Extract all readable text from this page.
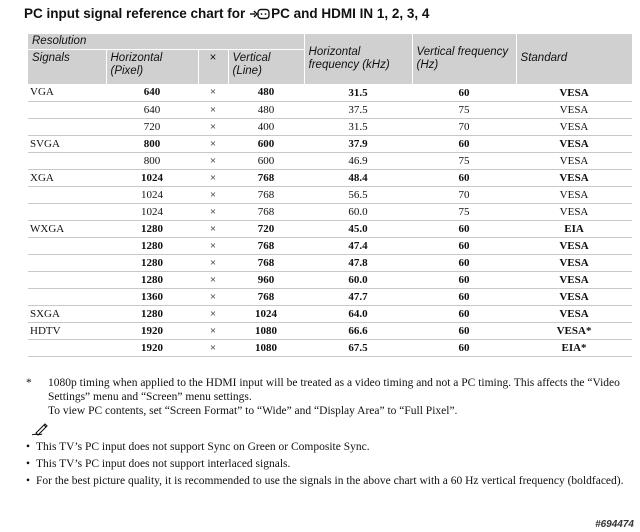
PC input signal reference chart for PC and HDMI IN 1, 2, 3, 4
Resolution				Horizontal frequency (kHz)	Vertical frequency (Hz)	Standard
Signals	Horizontal (Pixel)	×	Vertical (Line)			
VGA	640	×	480	31.5	60	VESA
	640	×	480	37.5	75	VESA
	720	×	400	31.5	70	VESA
SVGA	800	×	600	37.9	60	VESA
	800	×	600	46.9	75	VESA
XGA	1024	×	768	48.4	60	VESA
	1024	×	768	56.5	70	VESA
	1024	×	768	60.0	75	VESA
WXGA	1280	×	720	45.0	60	EIA
	1280	×	768	47.4	60	VESA
	1280	×	768	47.8	60	VESA
	1280	×	960	60.0	60	VESA
	1360	×	768	47.7	60	VESA
SXGA	1280	×	1024	64.0	60	VESA
HDTV	1920	×	1080	66.6	60	VESA*
	1920	×	1080	67.5	60	EIA*
* 1080p timing when applied to the HDMI input will be treated as a video timing and not a PC timing. This affects the “Video Settings” menu and “Screen” menu settings.
To view PC contents, set “Screen Format” to “Wide” and “Display Area” to “Full Pixel”.
• This TV’s PC input does not support Sync on Green or Composite Sync.
• This TV’s PC input does not support interlaced signals.
• For the best picture quality, it is recommended to use the signals in the above chart with a 60 Hz vertical frequency (boldfaced).
#694474
